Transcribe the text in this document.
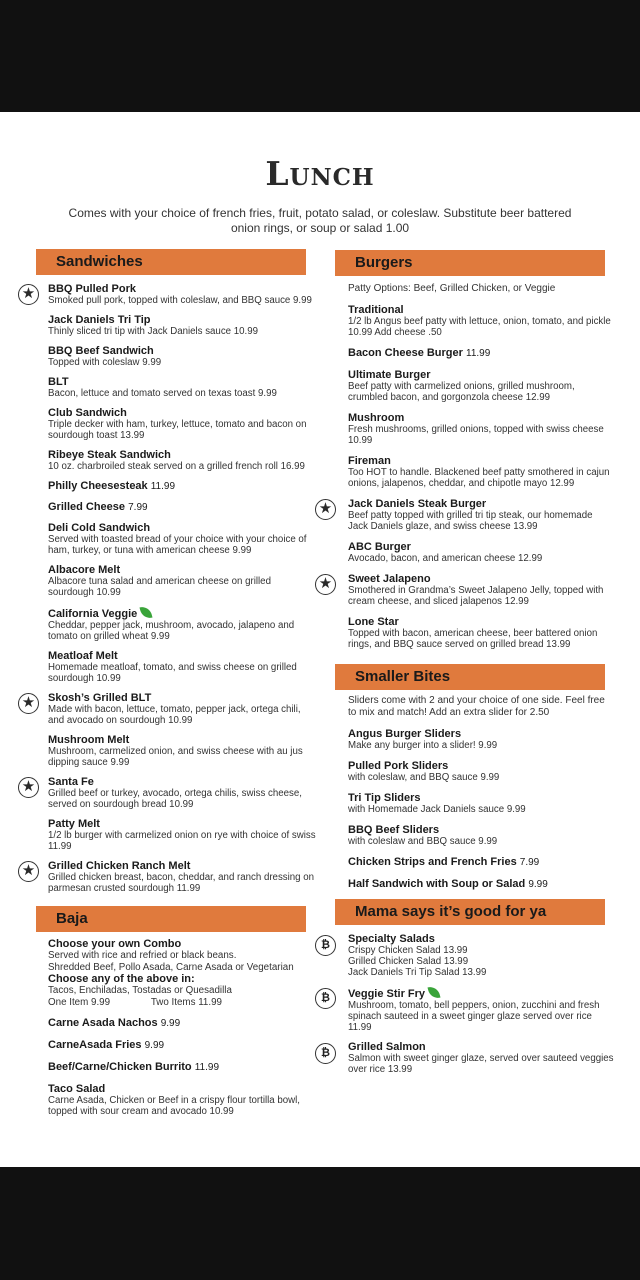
Lunch
Comes with your choice of french fries, fruit, potato salad, or coleslaw. Substitute beer battered onion rings, or soup or salad 1.00
Sandwiches
★	BBQ Pulled Pork
Smoked pull pork, topped with coleslaw, and BBQ sauce 9.99
Jack Daniels Tri Tip
Thinly sliced tri tip with Jack Daniels sauce 10.99
BBQ Beef Sandwich
Topped with coleslaw 9.99
BLT
Bacon, lettuce and tomato served on texas toast 9.99
Club Sandwich
Triple decker with ham, turkey, lettuce, tomato and bacon on sourdough toast 13.99
Ribeye Steak Sandwich
10 oz. charbroiled steak served on a grilled french roll 16.99
Philly Cheesesteak 11.99
Grilled Cheese 7.99
Deli Cold Sandwich
Served with toasted bread of your choice with your choice of ham, turkey, or tuna with american cheese 9.99
Albacore Melt
Albacore tuna salad and american cheese on grilled sourdough 10.99
California Veggie
Cheddar, pepper jack, mushroom, avocado, jalapeno and tomato on grilled wheat 9.99
Meatloaf Melt
Homemade meatloaf, tomato, and swiss cheese on grilled sourdough 10.99
★	Skosh’s Grilled BLT
Made with bacon, lettuce, tomato, pepper jack, ortega chili, and avocado on sourdough 10.99
Mushroom Melt
Mushroom, carmelized onion, and swiss cheese with au jus dipping sauce 9.99
★	Santa Fe
Grilled beef or turkey, avocado, ortega chilis, swiss cheese, served on sourdough bread 10.99
Patty Melt
1/2 lb burger with carmelized onion on rye with choice of swiss 11.99
★	Grilled Chicken Ranch Melt
Grilled chicken breast, bacon, cheddar, and ranch dressing on parmesan crusted sourdough 11.99
Baja
Choose your own Combo
Served with rice and refried or black beans.
Shredded Beef, Pollo Asada, Carne Asada or Vegetarian
Choose any of the above in:
Tacos, Enchiladas, Tostadas or Quesadilla
One Item 9.99	Two Items 11.99
Carne Asada Nachos 9.99
CarneAsada Fries 9.99
Beef/Carne/Chicken Burrito 11.99
Taco Salad
Carne Asada, Chicken or Beef in a crispy flour tortilla bowl, topped with sour cream and avocado 10.99
Burgers
Patty Options: Beef, Grilled Chicken, or Veggie
Traditional
1/2 lb Angus beef patty with lettuce, onion, tomato, and pickle 10.99 Add cheese .50
Bacon Cheese Burger 11.99
Ultimate Burger
Beef patty with carmelized onions, grilled mushroom, crumbled bacon, and gorgonzola cheese 12.99
Mushroom
Fresh mushrooms, grilled onions, topped with swiss cheese 10.99
Fireman
Too HOT to handle. Blackened beef patty smothered in cajun onions, jalapenos, cheddar, and chipotle mayo 12.99
★	Jack Daniels Steak Burger
Beef patty topped with grilled tri tip steak, our homemade Jack Daniels glaze, and swiss cheese 13.99
ABC Burger
Avocado, bacon, and american cheese 12.99
★	Sweet Jalapeno
Smothered in Grandma’s Sweet Jalapeno Jelly, topped with cream cheese, and sliced jalapenos 12.99
Lone Star
Topped with bacon, american cheese, beer battered onion rings, and BBQ sauce served on grilled bread 13.99
Smaller Bites
Sliders come with 2 and your choice of one side. Feel free to mix and match! Add an extra slider for 2.50
Angus Burger Sliders
Make any burger into a slider! 9.99
Pulled Pork Sliders
with coleslaw, and BBQ sauce 9.99
Tri Tip Sliders
with Homemade Jack Daniels sauce 9.99
BBQ Beef Sliders
with coleslaw and BBQ sauce 9.99
Chicken Strips and French Fries 7.99
Half Sandwich with Soup or Salad 9.99
Mama says it’s good for ya
₿	Specialty Salads
Crispy Chicken Salad 13.99
Grilled Chicken Salad 13.99
Jack Daniels Tri Tip Salad 13.99
₿	Veggie Stir Fry
Mushroom, tomato, bell peppers, onion, zucchini and fresh spinach sauteed in a sweet ginger glaze served over rice 11.99
₿	Grilled Salmon
Salmon with sweet ginger glaze, served over sauteed veggies over rice 13.99
